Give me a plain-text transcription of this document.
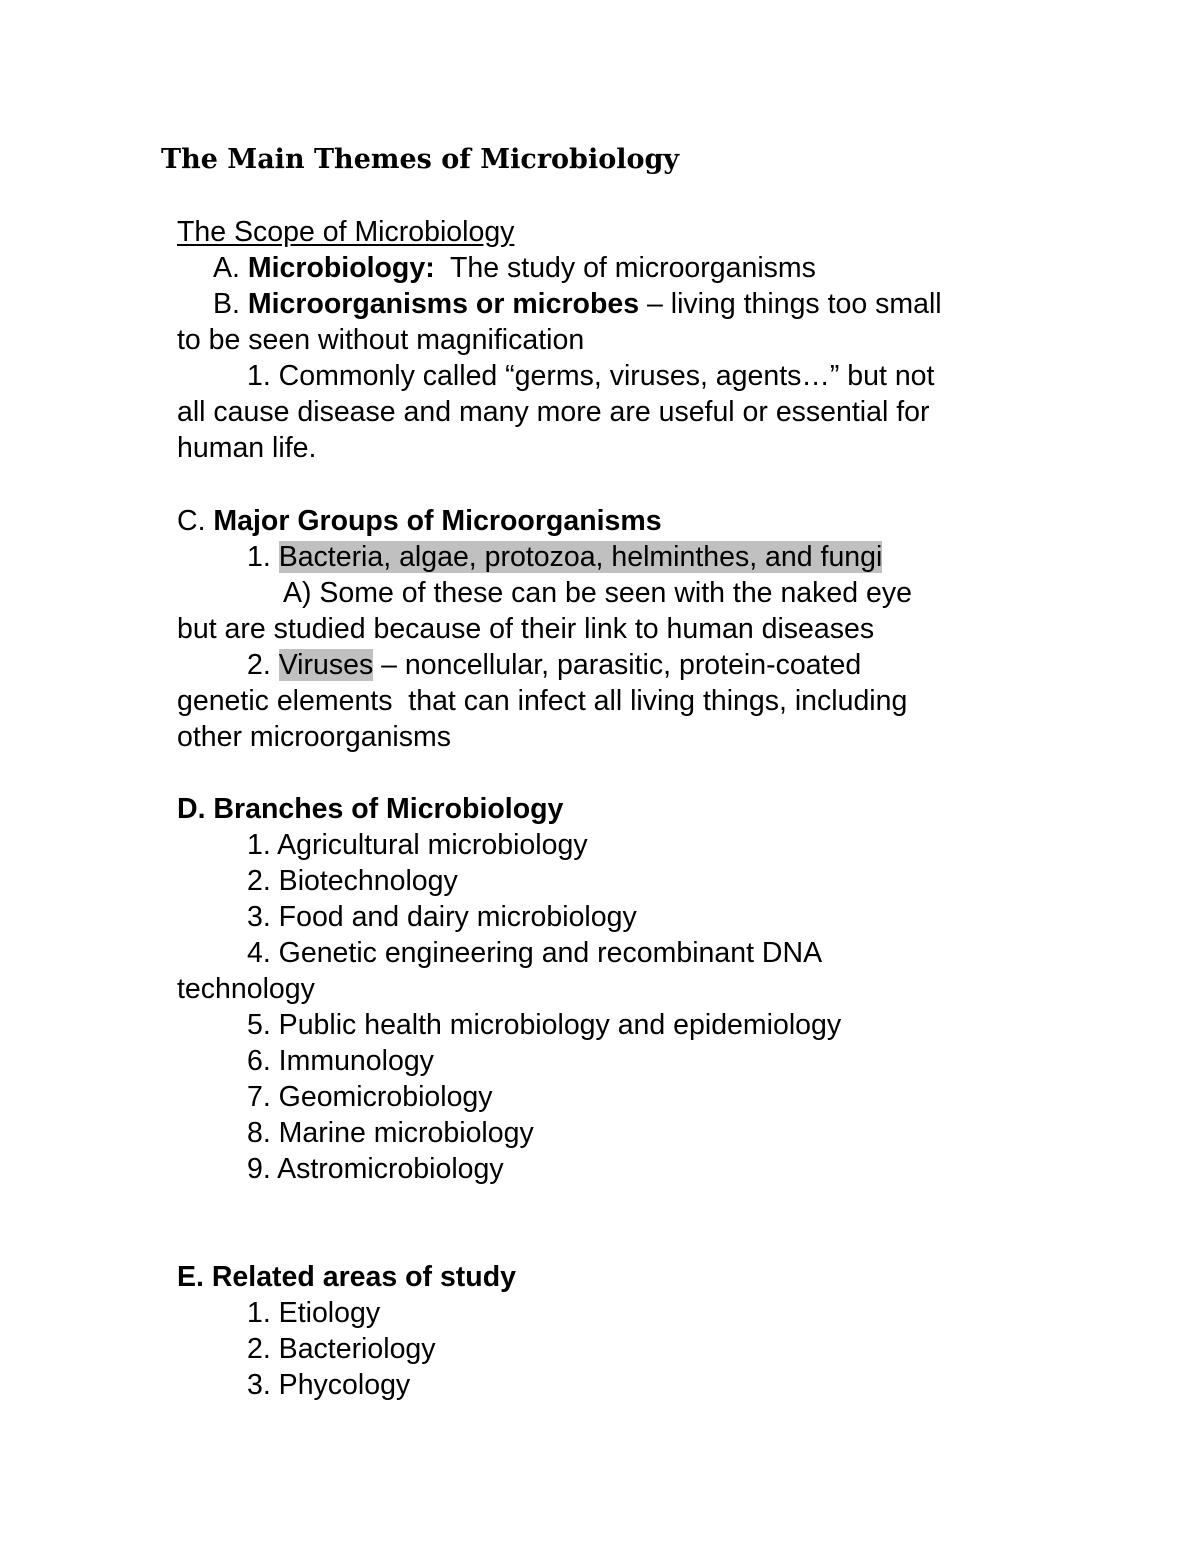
The Main Themes of Microbiology
The Scope of Microbiology
A. Microbiology:  The study of microorganisms
B. Microorganisms or microbes – living things too small
to be seen without magnification
1. Commonly called “germs, viruses, agents…” but not
all cause disease and many more are useful or essential for
human life.
C. Major Groups of Microorganisms
1. Bacteria, algae, protozoa, helminthes, and fungi
A) Some of these can be seen with the naked eye
but are studied because of their link to human diseases
2. Viruses – noncellular, parasitic, protein-coated
genetic elements  that can infect all living things, including
other microorganisms
D. Branches of Microbiology
1. Agricultural microbiology
2. Biotechnology
3. Food and dairy microbiology
4. Genetic engineering and recombinant DNA
technology
5. Public health microbiology and epidemiology
6. Immunology
7. Geomicrobiology
8. Marine microbiology
9. Astromicrobiology
E. Related areas of study
1. Etiology
2. Bacteriology
3. Phycology
